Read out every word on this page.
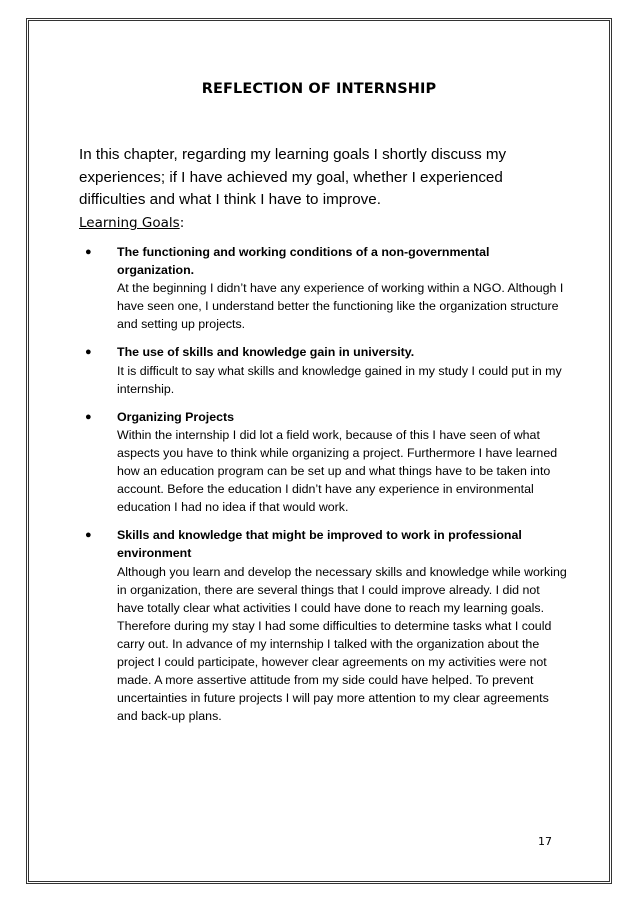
REFLECTION OF INTERNSHIP
In this chapter, regarding my learning goals I shortly discuss my experiences; if I have achieved my goal, whether I experienced difficulties and what I think I have to improve.
Learning Goals:
● The functioning and working conditions of a non-governmental organization.
At the beginning I didn’t have any experience of working within a NGO. Although I have seen one, I understand better the functioning like the organization structure and setting up projects.
● The use of skills and knowledge gain in university.
It is difficult to say what skills and knowledge gained in my study I could put in my internship.
● Organizing Projects
Within the internship I did lot a field work, because of this I have seen of what aspects you have to think while organizing a project. Furthermore I have learned how an education program can be set up and what things have to be taken into account. Before the education I didn’t have any experience in environmental education I had no idea if that would work.
● Skills and knowledge that might be improved to work in professional environment
Although you learn and develop the necessary skills and knowledge while working in organization, there are several things that I could improve already. I did not have totally clear what activities I could have done to reach my learning goals. Therefore during my stay I had some difficulties to determine tasks what I could carry out. In advance of my internship I talked with the organization about the project I could participate, however clear agreements on my activities were not made. A more assertive attitude from my side could have helped. To prevent uncertainties in future projects I will pay more attention to my clear agreements and back-up plans.
17
